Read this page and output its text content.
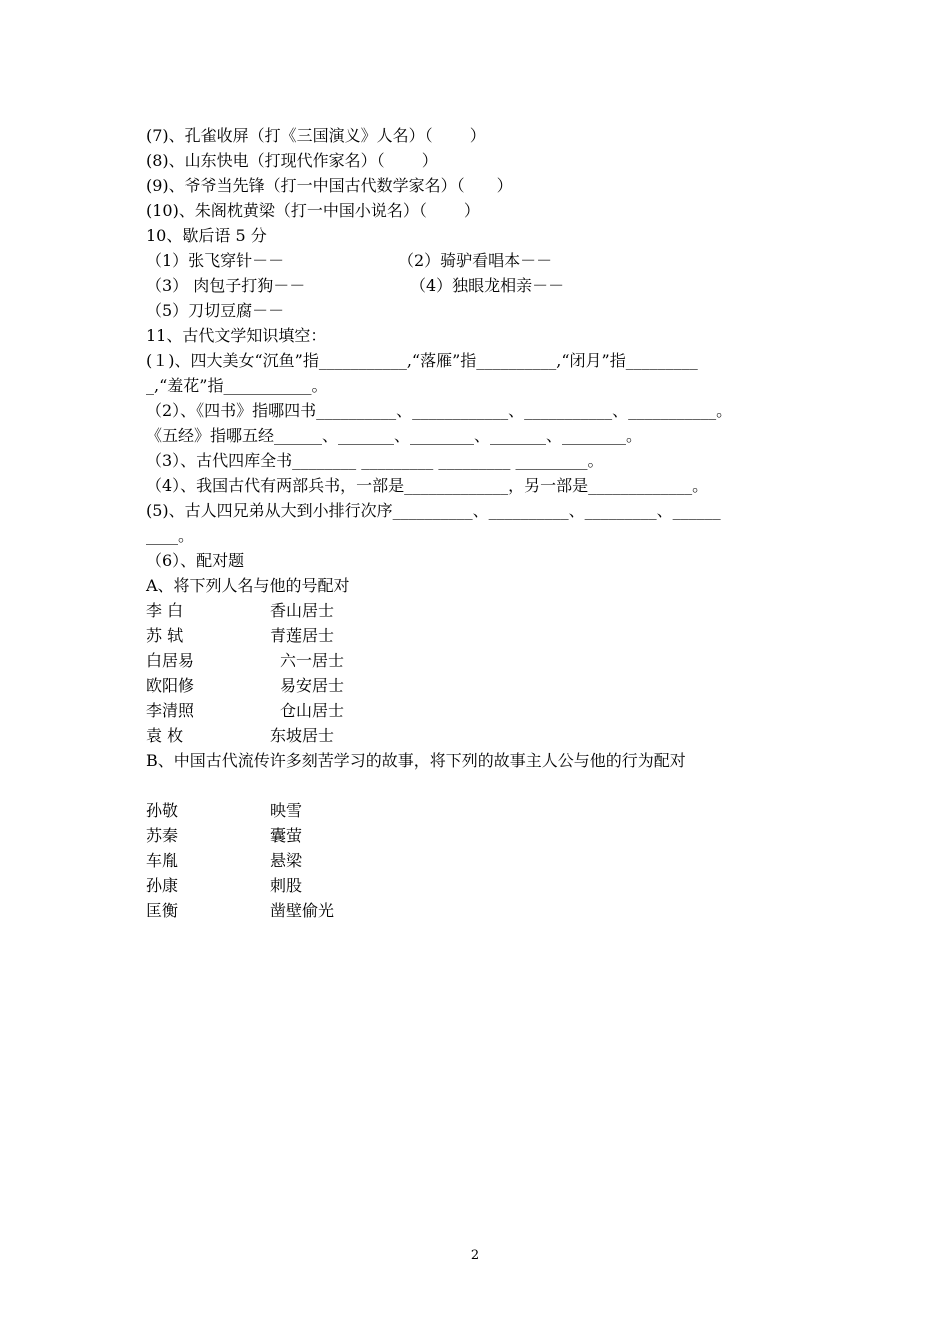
(7)、孔雀收屏（打《三国演义》人名）（　　 ）
(8)、山东快电（打现代作家名）（　　 ）
(9)、爷爷当先锋（打一中国古代数学家名）（　　）
(10)、朱阁枕黄梁（打一中国小说名）（　　 ）
10、歇后语 5 分
（1）张飞穿针－－	（2）骑驴看唱本－－
（3） 肉包子打狗－－	（4）独眼龙相亲－－
（5）刀切豆腐－－
11、古代文学知识填空：
(１)、四大美女“沉鱼”指___________,“落雁”指__________,“闭月”指_________
_,“羞花”指___________。
（2）、《四书》指哪四书__________、____________、___________、___________。
《五经》指哪五经______、_______、________、_______、________。
（3）、古代四库全书________ _________ _________ _________。
（4）、我国古代有两部兵书，一部是_____________，另一部是_____________。
(5)、古人四兄弟从大到小排行次序__________、__________、_________、______
____。
（6）、配对题
A、将下列人名与他的号配对
李 白	香山居士
苏 轼	青莲居士
白居易	六一居士
欧阳修	易安居士
李清照	仓山居士
袁 枚	东坡居士
B、中国古代流传许多刻苦学习的故事，将下列的故事主人公与他的行为配对
孙敬	映雪
苏秦	囊萤
车胤	悬梁
孙康	刺股
匡衡	凿壁偷光
2
